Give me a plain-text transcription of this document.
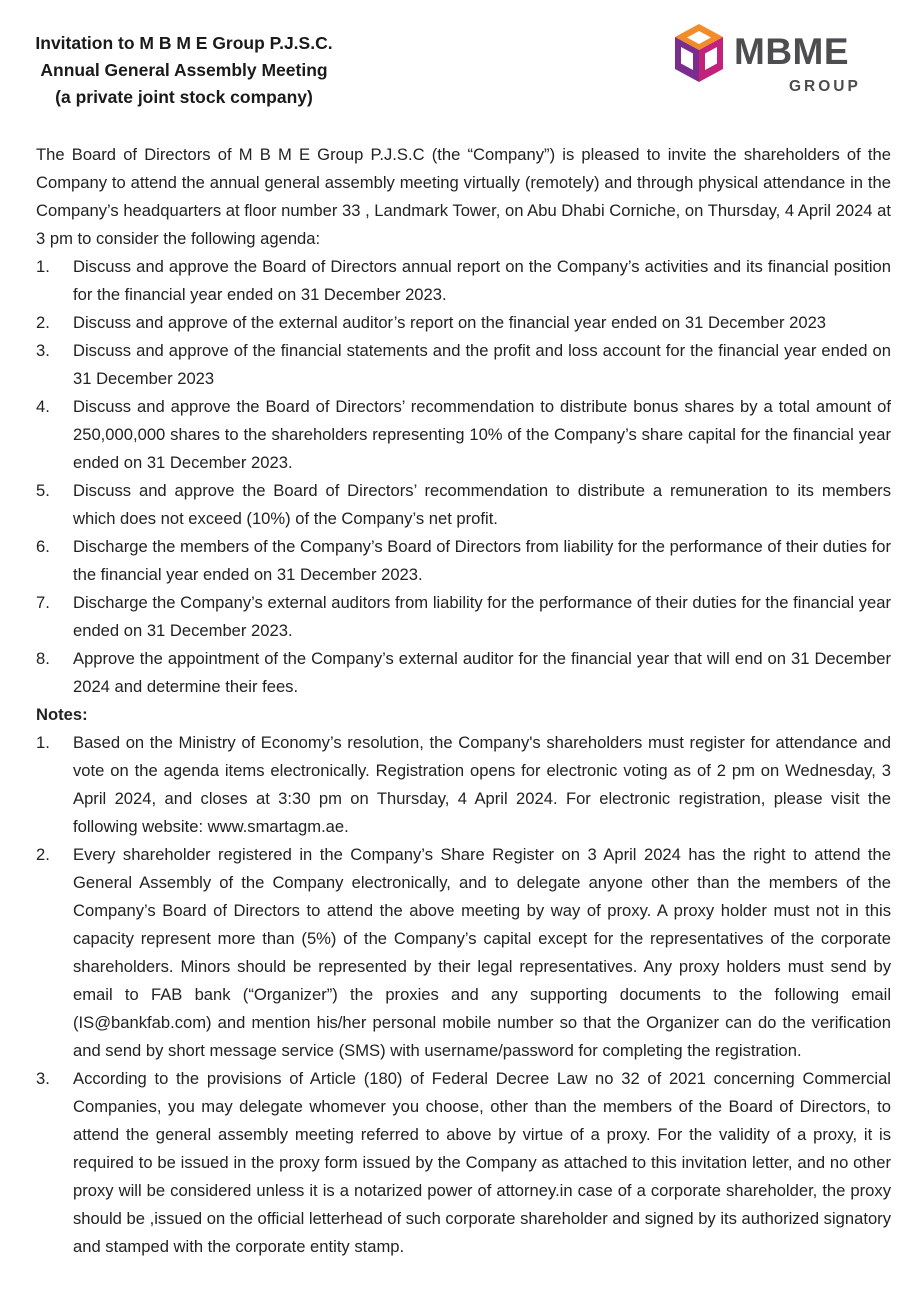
Invitation to M B M E Group P.J.S.C.
Annual General Assembly Meeting
(a private joint stock company)
MBME
GROUP

The Board of Directors of M B M E Group P.J.S.C (the “Company”) is pleased to invite the shareholders of the Company to attend the annual general assembly meeting virtually (remotely) and through physical attendance in the Company’s headquarters at floor number 33 , Landmark Tower, on Abu Dhabi Corniche, on Thursday, 4 April 2024 at 3 pm to consider the following agenda:

1. Discuss and approve the Board of Directors annual report on the Company’s activities and its financial position for the financial year ended on 31 December 2023.
2. Discuss and approve of the external auditor’s report on the financial year ended on 31 December 2023
3. Discuss and approve of the financial statements and the profit and loss account for the financial year ended on 31 December 2023
4. Discuss and approve the Board of Directors’ recommendation to distribute bonus shares by a total amount of 250,000,000 shares to the shareholders representing 10% of the Company’s share capital for the financial year ended on 31 December 2023.
5. Discuss and approve the Board of Directors’ recommendation to distribute a remuneration to its members which does not exceed (10%) of the Company’s net profit.
6. Discharge the members of the Company’s Board of Directors from liability for the performance of their duties for the financial year ended on 31 December 2023.
7. Discharge the Company’s external auditors from liability for the performance of their duties for the financial year ended on 31 December 2023.
8. Approve the appointment of the Company’s external auditor for the financial year that will end on 31 December 2024 and determine their fees.

Notes:

1. Based on the Ministry of Economy’s resolution, the Company's shareholders must register for attendance and vote on the agenda items electronically. Registration opens for electronic voting as of 2 pm on Wednesday, 3 April 2024, and closes at 3:30 pm on Thursday, 4 April 2024. For electronic registration, please visit the following website: www.smartagm.ae.
2. Every shareholder registered in the Company’s Share Register on 3 April 2024 has the right to attend the General Assembly of the Company electronically, and to delegate anyone other than the members of the Company’s Board of Directors to attend the above meeting by way of proxy. A proxy holder must not in this capacity represent more than (5%) of the Company’s capital except for the representatives of the corporate shareholders. Minors should be represented by their legal representatives. Any proxy holders must send by email to FAB bank (“Organizer”) the proxies and any supporting documents to the following email (IS@bankfab.com) and mention his/her personal mobile number so that the Organizer can do the verification and send by short message service (SMS) with username/password for completing the registration.
3. According to the provisions of Article (180) of Federal Decree Law no 32 of 2021 concerning Commercial Companies, you may delegate whomever you choose, other than the members of the Board of Directors, to attend the general assembly meeting referred to above by virtue of a proxy. For the validity of a proxy, it is required to be issued in the proxy form issued by the Company as attached to this invitation letter, and no other proxy will be considered unless it is a notarized power of attorney.in case of a corporate shareholder, the proxy should be ,issued on the official letterhead of such corporate shareholder and signed by its authorized signatory and stamped with the corporate entity stamp.
